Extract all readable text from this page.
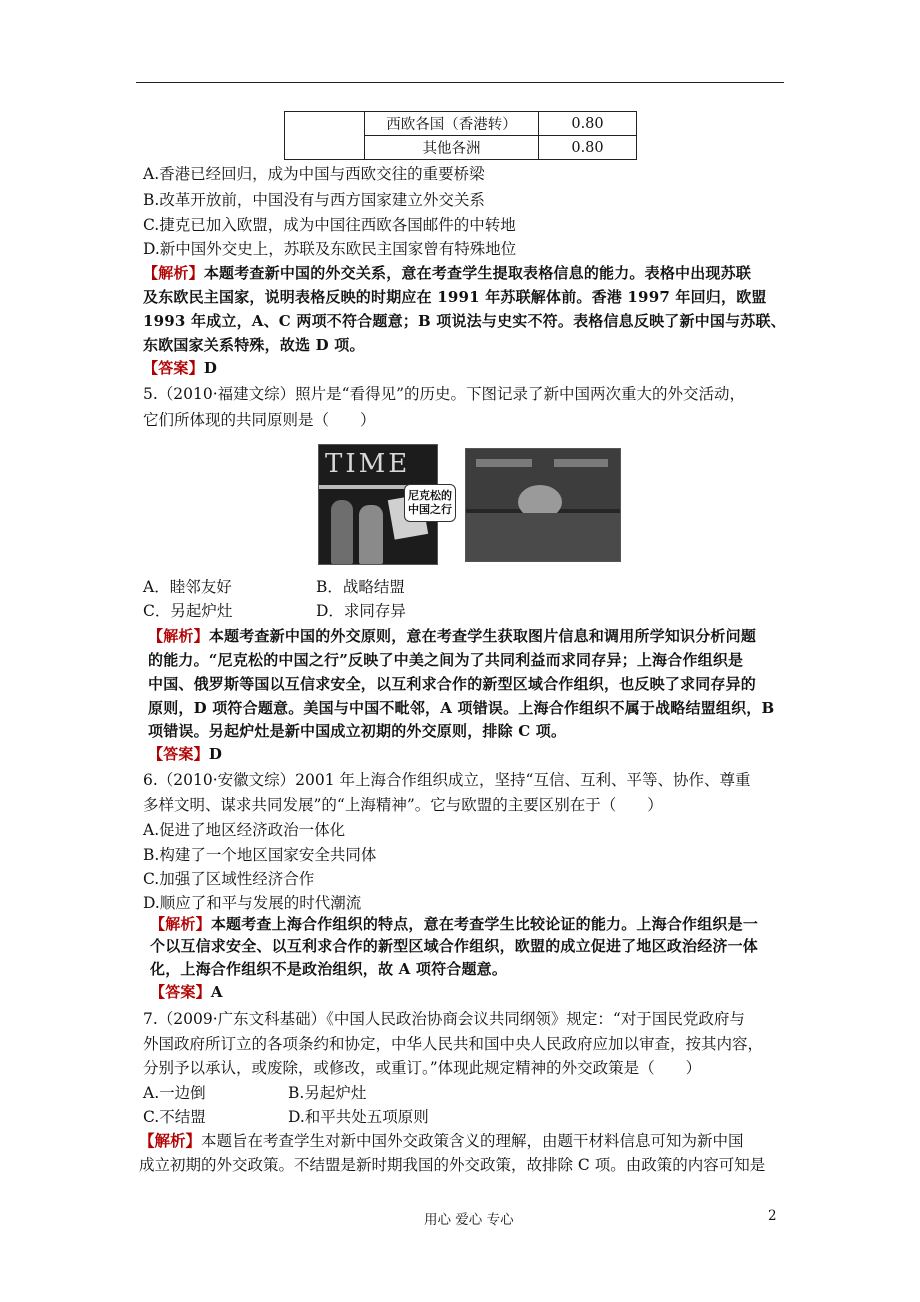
	西欧各国（香港转）	0.80
	其他各洲	0.80
A.香港已经回归，成为中国与西欧交往的重要桥梁
B.改革开放前，中国没有与西方国家建立外交关系
C.捷克已加入欧盟，成为中国往西欧各国邮件的中转地
D.新中国外交史上，苏联及东欧民主国家曾有特殊地位
【解析】本题考查新中国的外交关系，意在考查学生提取表格信息的能力。表格中出现苏联
及东欧民主国家，说明表格反映的时期应在 1991 年苏联解体前。香港 1997 年回归，欧盟
1993 年成立，A、C 两项不符合题意；B 项说法与史实不符。表格信息反映了新中国与苏联、
东欧国家关系特殊，故选 D 项。
【答案】D
5.（2010·福建文综）照片是“看得见”的历史。下图记录了新中国两次重大的外交活动，
它们所体现的共同原则是（　　）
TIME
尼克松的
中国之行
A．睦邻友好	B．战略结盟
C．另起炉灶	D．求同存异
【解析】本题考查新中国的外交原则，意在考查学生获取图片信息和调用所学知识分析问题
的能力。“尼克松的中国之行”反映了中美之间为了共同利益而求同存异；上海合作组织是
中国、俄罗斯等国以互信求安全，以互利求合作的新型区域合作组织，也反映了求同存异的
原则，D 项符合题意。美国与中国不毗邻，A 项错误。上海合作组织不属于战略结盟组织，B
项错误。另起炉灶是新中国成立初期的外交原则，排除 C 项。
【答案】D
6.（2010·安徽文综）2001 年上海合作组织成立，坚持“互信、互利、平等、协作、尊重
多样文明、谋求共同发展”的“上海精神”。它与欧盟的主要区别在于（　　）
A.促进了地区经济政治一体化
B.构建了一个地区国家安全共同体
C.加强了区域性经济合作
D.顺应了和平与发展的时代潮流
【解析】本题考查上海合作组织的特点，意在考查学生比较论证的能力。上海合作组织是一
个以互信求安全、以互利求合作的新型区域合作组织，欧盟的成立促进了地区政治经济一体
化，上海合作组织不是政治组织，故 A 项符合题意。
【答案】A
7.（2009·广东文科基础）《中国人民政治协商会议共同纲领》规定：“对于国民党政府与
外国政府所订立的各项条约和协定，中华人民共和国中央人民政府应加以审查，按其内容，
分别予以承认，或废除，或修改，或重订。”体现此规定精神的外交政策是（　　）
A.一边倒	B.另起炉灶
C.不结盟	D.和平共处五项原则
【解析】本题旨在考查学生对新中国外交政策含义的理解，由题干材料信息可知为新中国
成立初期的外交政策。不结盟是新时期我国的外交政策，故排除 C 项。由政策的内容可知是
用心 爱心 专心	2
